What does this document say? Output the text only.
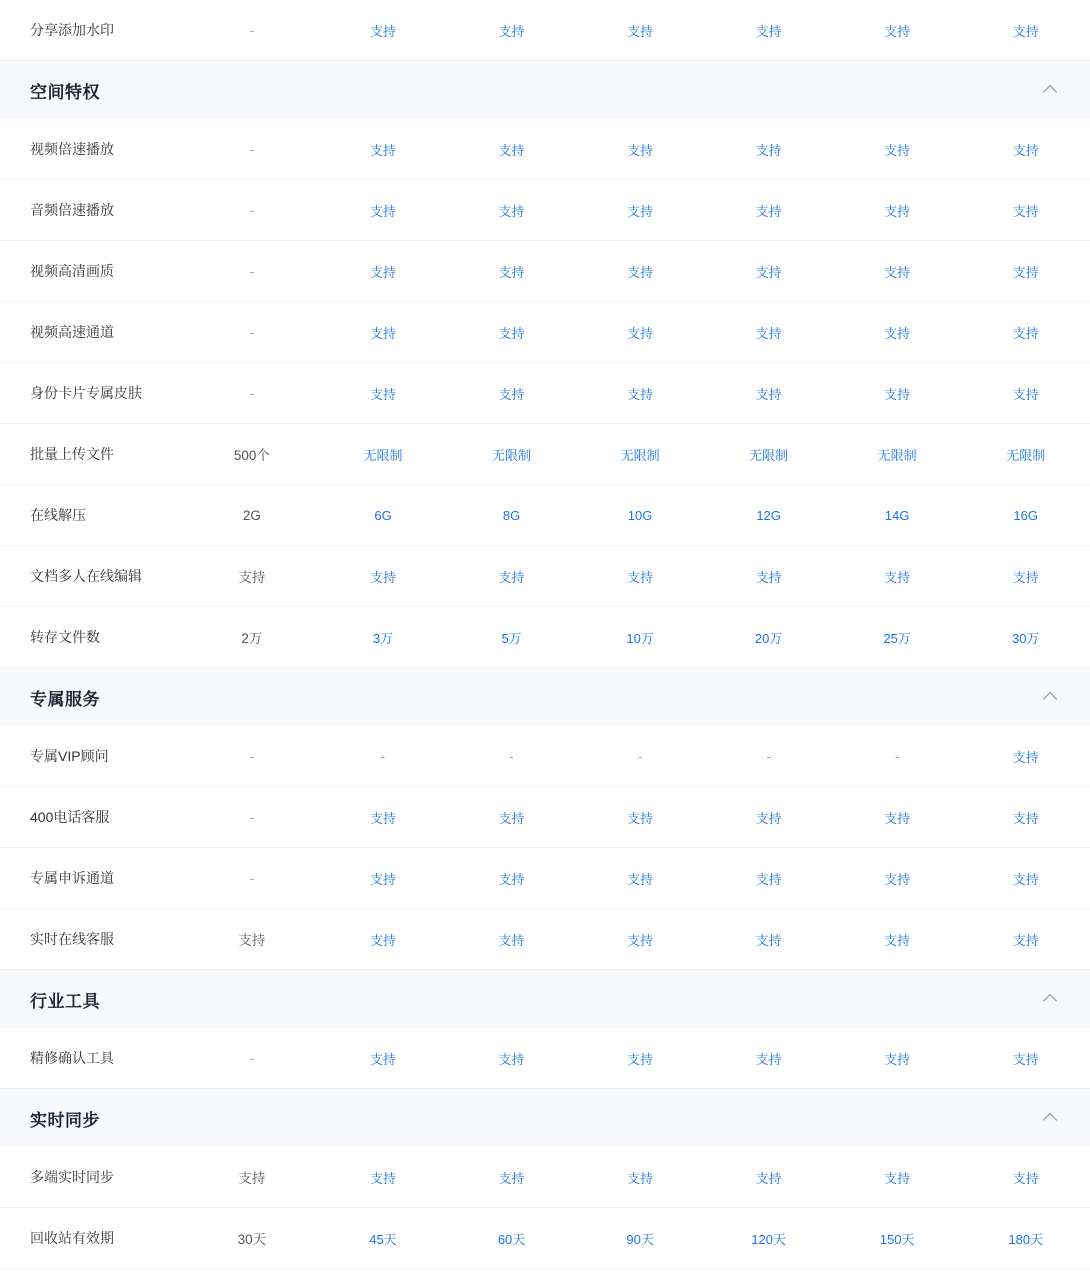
分享添加水印	-	支持	支持	支持	支持	支持	支持

空间特权							

视频倍速播放	-	支持	支持	支持	支持	支持	支持
音频倍速播放	-	支持	支持	支持	支持	支持	支持
视频高清画质	-	支持	支持	支持	支持	支持	支持
视频高速通道	-	支持	支持	支持	支持	支持	支持
身份卡片专属皮肤	-	支持	支持	支持	支持	支持	支持
批量上传文件	500个	无限制	无限制	无限制	无限制	无限制	无限制
在线解压	2G	6G	8G	10G	12G	14G	16G
文档多人在线编辑	支持	支持	支持	支持	支持	支持	支持
转存文件数	2万	3万	5万	10万	20万	25万	30万

专属服务							

专属VIP顾问	-	-	-	-	-	-	支持
400电话客服	-	支持	支持	支持	支持	支持	支持
专属申诉通道	-	支持	支持	支持	支持	支持	支持
实时在线客服	支持	支持	支持	支持	支持	支持	支持

行业工具							

精修确认工具	-	支持	支持	支持	支持	支持	支持

实时同步							

多端实时同步	支持	支持	支持	支持	支持	支持	支持
回收站有效期	30天	45天	60天	90天	120天	150天	180天
